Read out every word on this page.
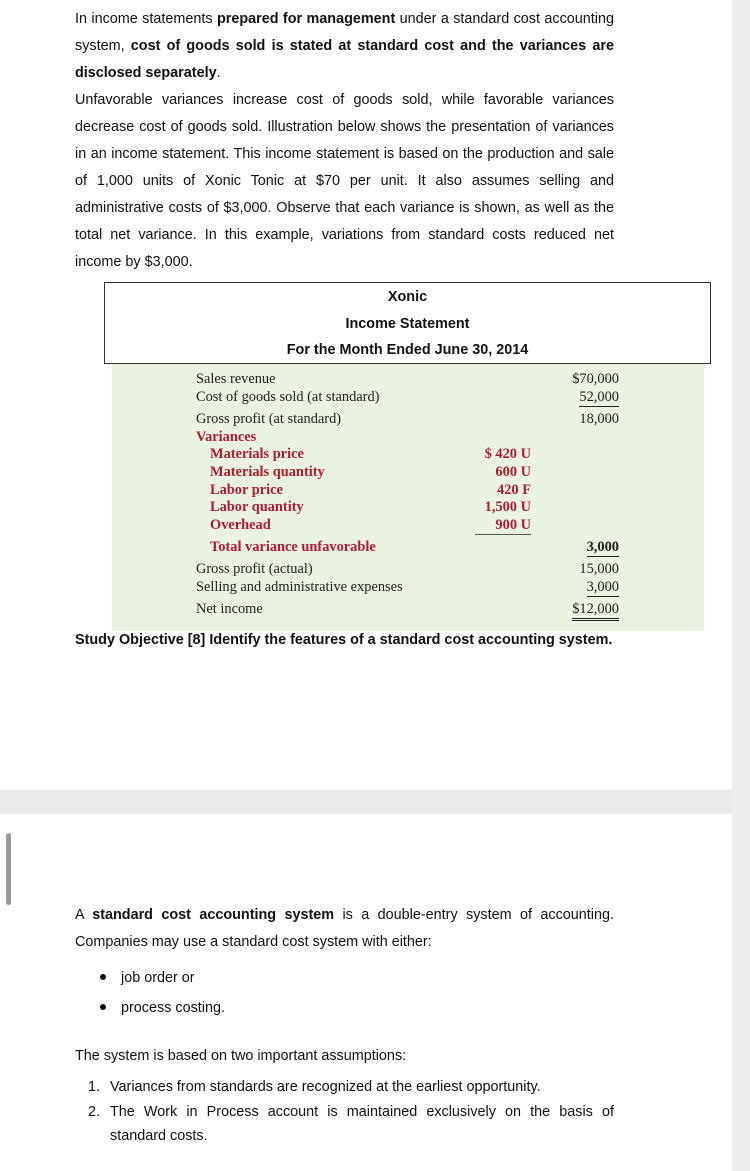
In income statements prepared for management under a standard cost accounting system, cost of goods sold is stated at standard cost and the variances are disclosed separately.
Unfavorable variances increase cost of goods sold, while favorable variances decrease cost of goods sold. Illustration below shows the presentation of variances in an income statement. This income statement is based on the production and sale of 1,000 units of Xonic Tonic at $70 per unit. It also assumes selling and administrative costs of $3,000. Observe that each variance is shown, as well as the total net variance. In this example, variations from standard costs reduced net income by $3,000.
Xonic
Income Statement
For the Month Ended June 30, 2014
Sales revenue	$70,000
Cost of goods sold (at standard)	52,000
Gross profit (at standard)	18,000
Variances
Materials price	$ 420 U
Materials quantity	600 U
Labor price	420 F
Labor quantity	1,500 U
Overhead	900 U
Total variance unfavorable	3,000
Gross profit (actual)	15,000
Selling and administrative expenses	3,000
Net income	$12,000
Study Objective [8] Identify the features of a standard cost accounting system.
A standard cost accounting system is a double-entry system of accounting. Companies may use a standard cost system with either:
job order or
process costing.
The system is based on two important assumptions:
1. Variances from standards are recognized at the earliest opportunity.
2. The Work in Process account is maintained exclusively on the basis of standard costs.
